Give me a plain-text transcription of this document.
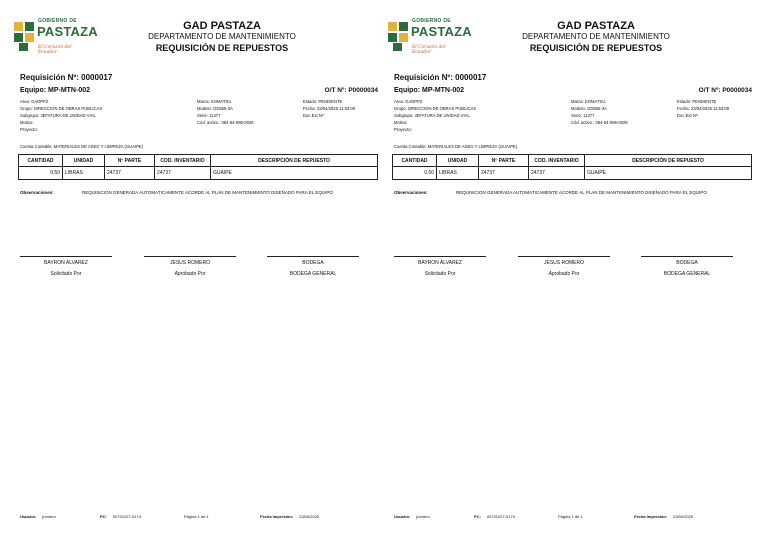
GOBIERNO DE
PASTAZA
El Corazón del Ecuador
GAD PASTAZA
DEPARTAMENTO DE MANTENIMIENTO
REQUISICIÓN DE REPUESTOS
Requisición Nº: 0000017
Equipo: MP-MTN-002	O/T Nº: P0000034
Area: GADPPZ
Grupo: DIRECCION DE OBRAS PUBLICAS
Subgrupo: JEFATURA DE UNIDAD VIAL
Motivo:
Proyecto:
Marca: KOMATSU
Modelo: GD555-3A
Serie: 11377
Cód. activo.: 064-64-086-0026
Estado: PENDIENTE
Fecha: 23/04/2025 11:53:09
Doc.Ext Nº:
Cuenta Contable: MATERIALES DE ASEO Y LIMPIEZA (GUAIPE)
CANTIDAD	UNIDAD	Nº PARTE	COD. INVENTARIO	DESCRIPCIÓN DE REPUESTO
0.50	LIBRAS	24737	24737	GUAIPE
Observaciones:	REQUISICION GENERADA AUTOMATICAMENTE ACORDE AL PLAN DE MANTENIMIENTO DISEÑADO PARA EL EQUIPO
BAYRON ALVAREZ
Solicitado Por
JESUS ROMERO
Aprobado Por
BODEGA
BODEGA GENERAL
Usuario: jromero	PC: 00701027-0174	Página 1 de 1	Fecha Impresión: 23/04/2025
GOBIERNO DE
PASTAZA
El Corazón del Ecuador
GAD PASTAZA
DEPARTAMENTO DE MANTENIMIENTO
REQUISICIÓN DE REPUESTOS
Requisición Nº: 0000017
Equipo: MP-MTN-002	O/T Nº: P0000034
Area: GADPPZ
Grupo: DIRECCION DE OBRAS PUBLICAS
Subgrupo: JEFATURA DE UNIDAD VIAL
Motivo:
Proyecto:
Marca: KOMATSU
Modelo: GD555-3A
Serie: 11377
Cód. activo.: 064-64-086-0026
Estado: PENDIENTE
Fecha: 23/04/2025 11:53:09
Doc.Ext Nº:
Cuenta Contable: MATERIALES DE ASEO Y LIMPIEZA (GUAIPE)
CANTIDAD	UNIDAD	Nº PARTE	COD. INVENTARIO	DESCRIPCIÓN DE REPUESTO
0.50	LIBRAS	24737	24737	GUAIPE
Observaciones:	REQUISICION GENERADA AUTOMATICAMENTE ACORDE AL PLAN DE MANTENIMIENTO DISEÑADO PARA EL EQUIPO
BAYRON ALVAREZ
Solicitado Por
JESUS ROMERO
Aprobado Por
BODEGA
BODEGA GENERAL
Usuario: jromero	PC: 00701027-0174	Página 1 de 1	Fecha Impresión: 23/04/2025
